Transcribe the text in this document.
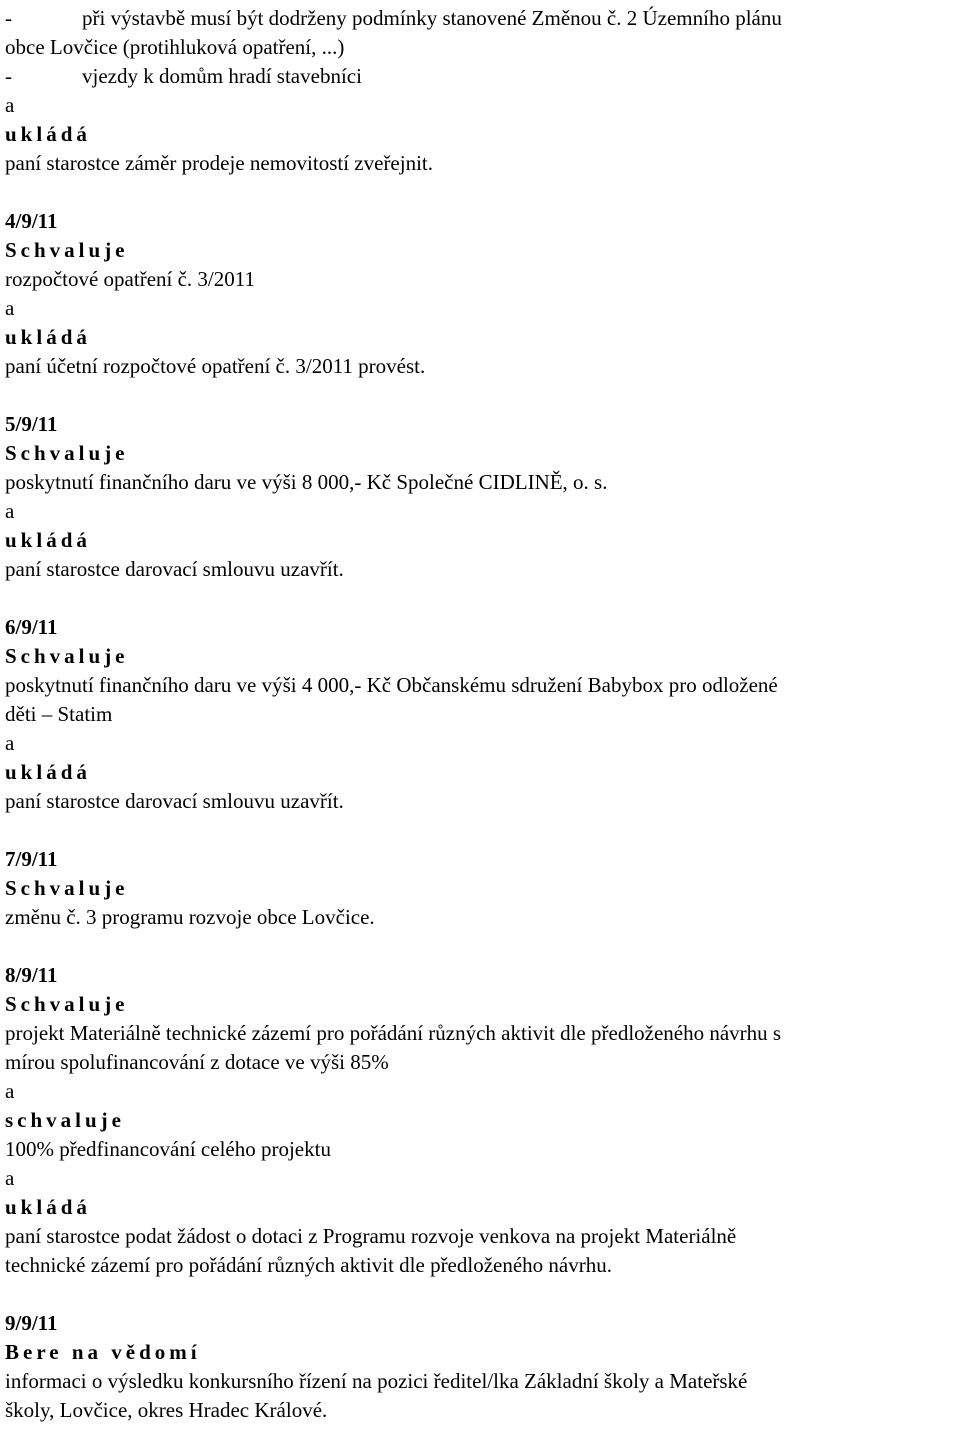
-	při výstavbě musí být dodrženy podmínky stanovené Změnou č. 2 Územního plánu
obce Lovčice (protihluková opatření, ...)
-	vjezdy k domům hradí stavebníci
a
ukládá
paní starostce záměr prodeje nemovitostí zveřejnit.
4/9/11
Schvaluje
rozpočtové opatření č. 3/2011
a
ukládá
paní účetní rozpočtové opatření č. 3/2011 provést.
5/9/11
Schvaluje
poskytnutí finančního daru ve výši 8 000,- Kč Společné CIDLINĚ, o. s.
a
ukládá
paní starostce darovací smlouvu uzavřít.
6/9/11
Schvaluje
poskytnutí finančního daru ve výši 4 000,- Kč Občanskému sdružení Babybox pro odložené
děti – Statim
a
ukládá
paní starostce darovací smlouvu uzavřít.
7/9/11
Schvaluje
změnu č. 3 programu rozvoje obce Lovčice.
8/9/11
Schvaluje
projekt Materiálně technické zázemí pro pořádání různých aktivit dle předloženého návrhu s
mírou spolufinancování z dotace ve výši 85%
a
schvaluje
100% předfinancování celého projektu
a
ukládá
paní starostce podat žádost o dotaci z Programu rozvoje venkova na projekt Materiálně
technické zázemí pro pořádání různých aktivit dle předloženého návrhu.
9/9/11
Bere na vědomí
informaci o výsledku konkursního řízení na pozici ředitel/lka Základní školy a Mateřské
školy, Lovčice, okres Hradec Králové.
